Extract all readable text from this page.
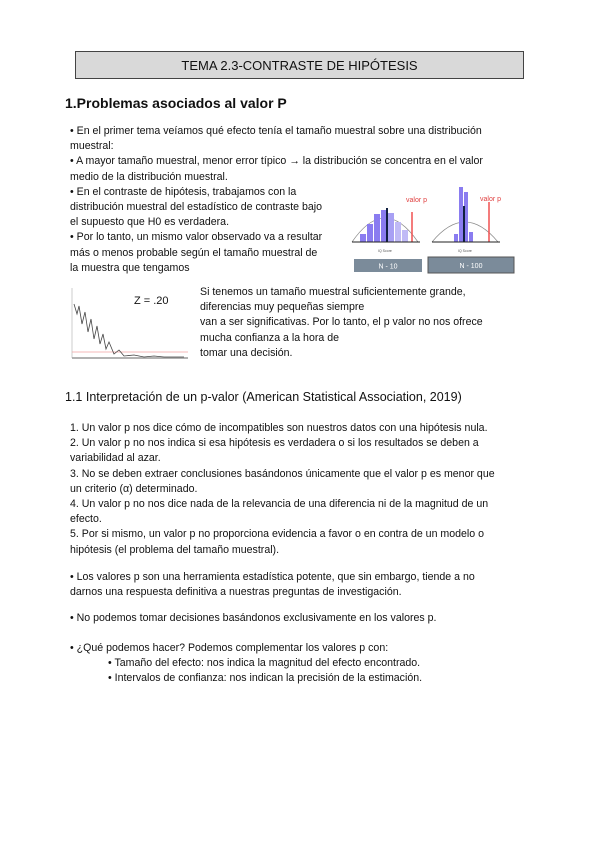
TEMA 2.3-CONTRASTE DE HIPÓTESIS
1.Problemas asociados al valor P
• En el primer tema veíamos qué efecto tenía el tamaño muestral sobre una distribución
muestral:
• A mayor tamaño muestral, menor error típico → la distribución se concentra en el valor
medio de la distribución muestral.
• En el contraste de hipótesis, trabajamos con la
distribución muestral del estadístico de contraste bajo
el supuesto que H0 es verdadera.
• Por lo tanto, un mismo valor observado va a resultar
más o menos probable según el tamaño muestral de
la muestra que tengamos
valor p
IQ Score
valor p
IQ Score
N - 10	N - 100
Z = .20
Si tenemos un tamaño muestral suficientemente grande,
diferencias muy pequeñas siempre
van a ser significativas. Por lo tanto, el p valor no nos ofrece
mucha confianza a la hora de
tomar una decisión.
1.1 Interpretación de un p-valor (American Statistical Association, 2019)
1. Un valor p nos dice cómo de incompatibles son nuestros datos con una hipótesis nula.
2. Un valor p no nos indica si esa hipótesis es verdadera o si los resultados se deben a
variabilidad al azar.
3. No se deben extraer conclusiones basándonos únicamente que el valor p es menor que
un criterio (α) determinado.
4. Un valor p no nos dice nada de la relevancia de una diferencia ni de la magnitud de un
efecto.
5. Por si mismo, un valor p no proporciona evidencia a favor o en contra de un modelo o
hipótesis (el problema del tamaño muestral).
• Los valores p son una herramienta estadística potente, que sin embargo, tiende a no
darnos una respuesta definitiva a nuestras preguntas de investigación.
• No podemos tomar decisiones basándonos exclusivamente en los valores p.
• ¿Qué podemos hacer? Podemos complementar los valores p con:
• Tamaño del efecto: nos indica la magnitud del efecto encontrado.
• Intervalos de confianza: nos indican la precisión de la estimación.
